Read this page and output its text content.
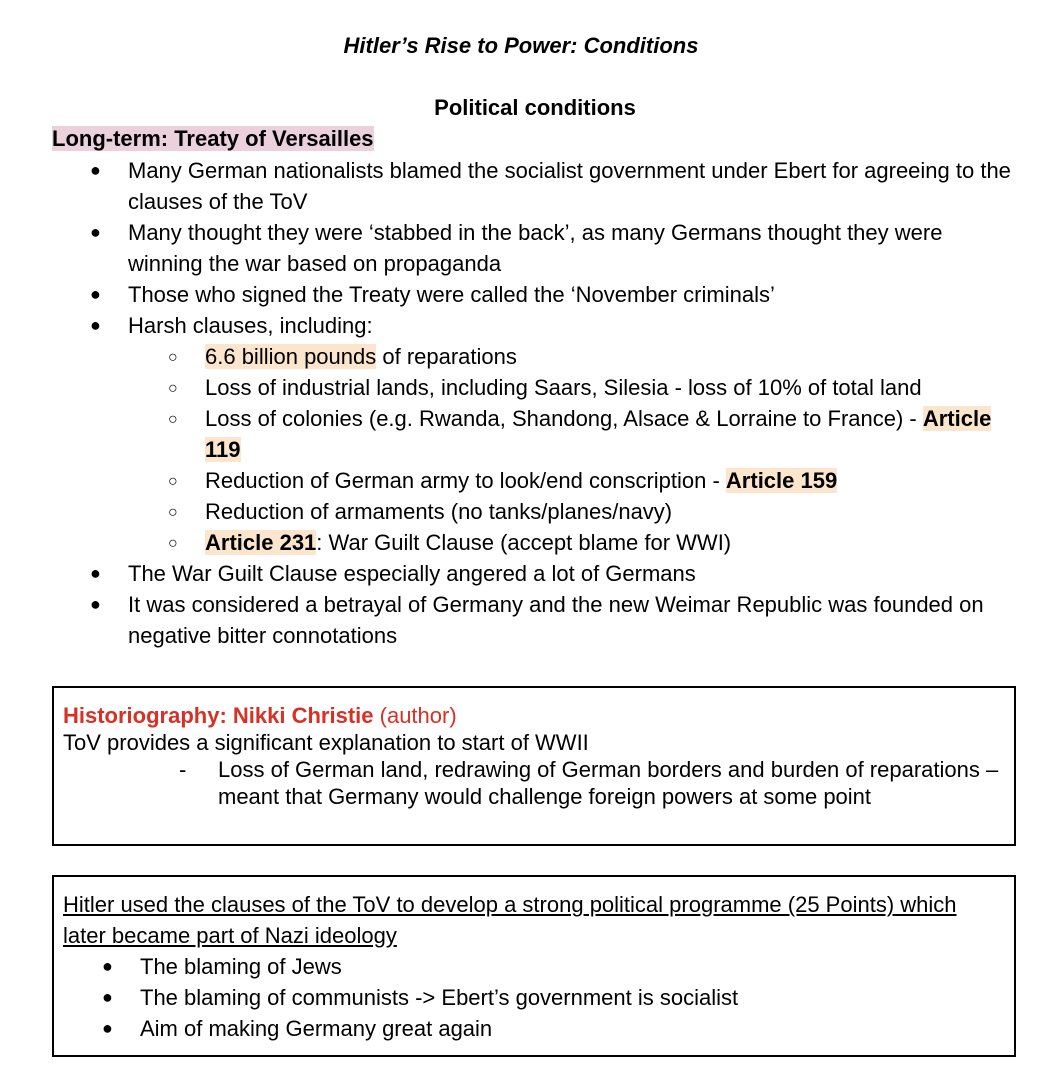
Hitler’s Rise to Power: Conditions
Political conditions
Long-term: Treaty of Versailles
● Many German nationalists blamed the socialist government under Ebert for agreeing to the clauses of the ToV
● Many thought they were ‘stabbed in the back’, as many Germans thought they were winning the war based on propaganda
● Those who signed the Treaty were called the ‘November criminals’
● Harsh clauses, including:
○ 6.6 billion pounds of reparations
○ Loss of industrial lands, including Saars, Silesia - loss of 10% of total land
○ Loss of colonies (e.g. Rwanda, Shandong, Alsace & Lorraine to France) - Article 119
○ Reduction of German army to look/end conscription - Article 159
○ Reduction of armaments (no tanks/planes/navy)
○ Article 231: War Guilt Clause (accept blame for WWI)
● The War Guilt Clause especially angered a lot of Germans
● It was considered a betrayal of Germany and the new Weimar Republic was founded on negative bitter connotations
Historiography: Nikki Christie (author)
ToV provides a significant explanation to start of WWII
- Loss of German land, redrawing of German borders and burden of reparations – meant that Germany would challenge foreign powers at some point
Hitler used the clauses of the ToV to develop a strong political programme (25 Points) which later became part of Nazi ideology
● The blaming of Jews
● The blaming of communists -> Ebert’s government is socialist
● Aim of making Germany great again
